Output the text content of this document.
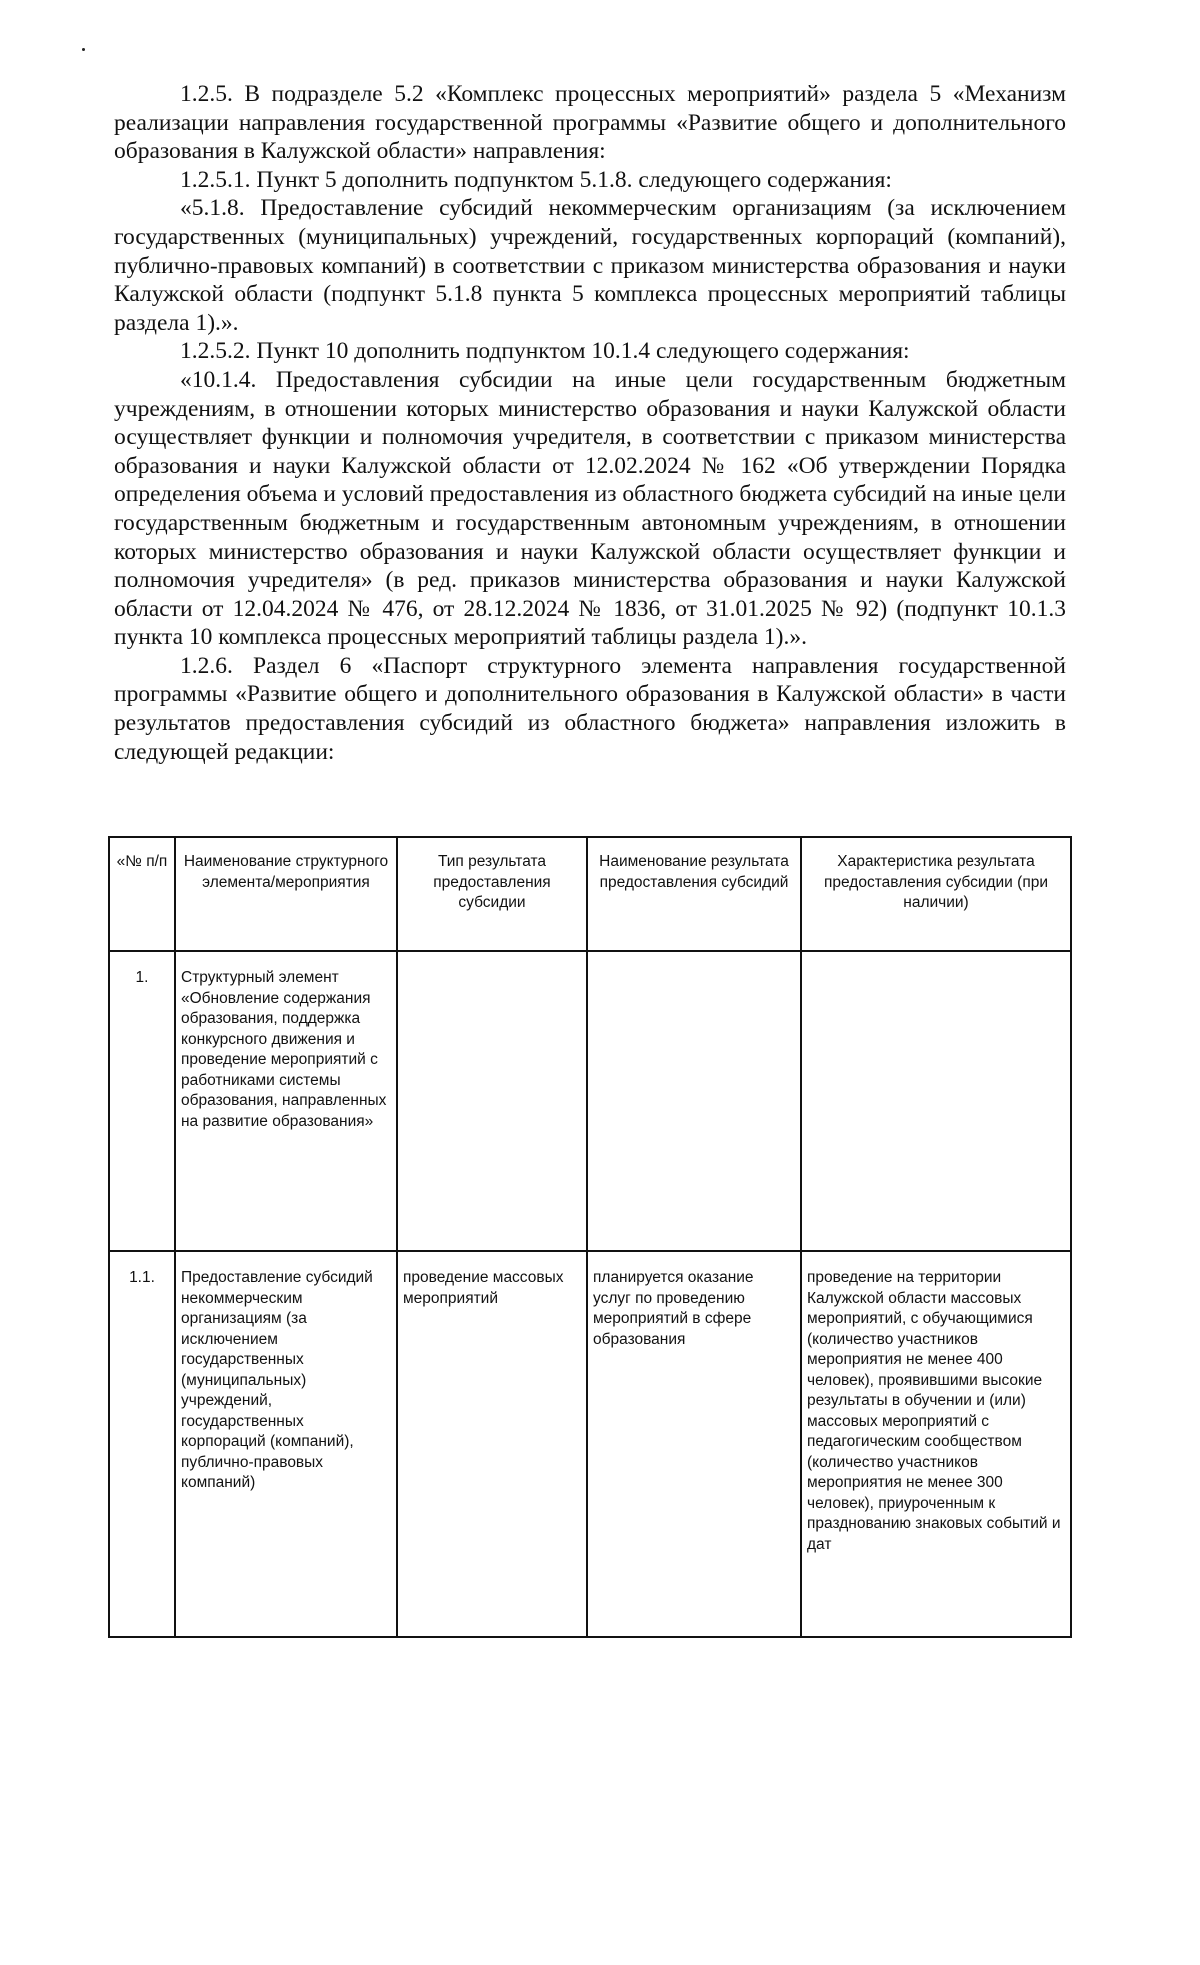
1.2.5. В подразделе 5.2 «Комплекс процессных мероприятий» раздела 5 «Механизм реализации направления государственной программы «Развитие общего и дополнительного образования в Калужской области» направления:

1.2.5.1. Пункт 5 дополнить подпунктом 5.1.8. следующего содержания:

«5.1.8. Предоставление субсидий некоммерческим организациям (за исключением государственных (муниципальных) учреждений, государственных корпораций (компаний), публично-правовых компаний) в соответствии с приказом министерства образования и науки Калужской области (подпункт 5.1.8 пункта 5 комплекса процессных мероприятий таблицы раздела 1).».

1.2.5.2. Пункт 10 дополнить подпунктом 10.1.4 следующего содержания:

«10.1.4. Предоставления субсидии на иные цели государственным бюджетным учреждениям, в отношении которых министерство образования и науки Калужской области осуществляет функции и полномочия учредителя, в соответствии с приказом министерства образования и науки Калужской области от 12.02.2024 № 162 «Об утверждении Порядка определения объема и условий предоставления из областного бюджета субсидий на иные цели государственным бюджетным и государственным автономным учреждениям, в отношении которых министерство образования и науки Калужской области осуществляет функции и полномочия учредителя» (в ред. приказов министерства образования и науки Калужской области от 12.04.2024 № 476, от 28.12.2024 № 1836, от 31.01.2025 № 92) (подпункт 10.1.3 пункта 10 комплекса процессных мероприятий таблицы раздела 1).».

1.2.6. Раздел 6 «Паспорт структурного элемента направления государственной программы «Развитие общего и дополнительного образования в Калужской области» в части результатов предоставления субсидий из областного бюджета» направления изложить в следующей редакции:

«№ п/п	Наименование структурного элемента/мероприятия	Тип результата предоставления субсидии	Наименование результата предоставления субсидий	Характеристика результата предоставления субсидии (при наличии)
1.	Структурный элемент «Обновление содержания образования, поддержка конкурсного движения и проведение мероприятий с работниками системы образования, направленных на развитие образования»			
1.1.	Предоставление субсидий некоммерческим организациям (за исключением государственных (муниципальных) учреждений, государственных корпораций (компаний), публично-правовых компаний)	проведение массовых мероприятий	планируется оказание услуг по проведению мероприятий в сфере образования	проведение на территории Калужской области массовых мероприятий, с обучающимися (количество участников мероприятия не менее 400 человек), проявившими высокие результаты в обучении и (или) массовых мероприятий с педагогическим сообществом (количество участников мероприятия не менее 300 человек), приуроченным к празднованию знаковых событий и дат
